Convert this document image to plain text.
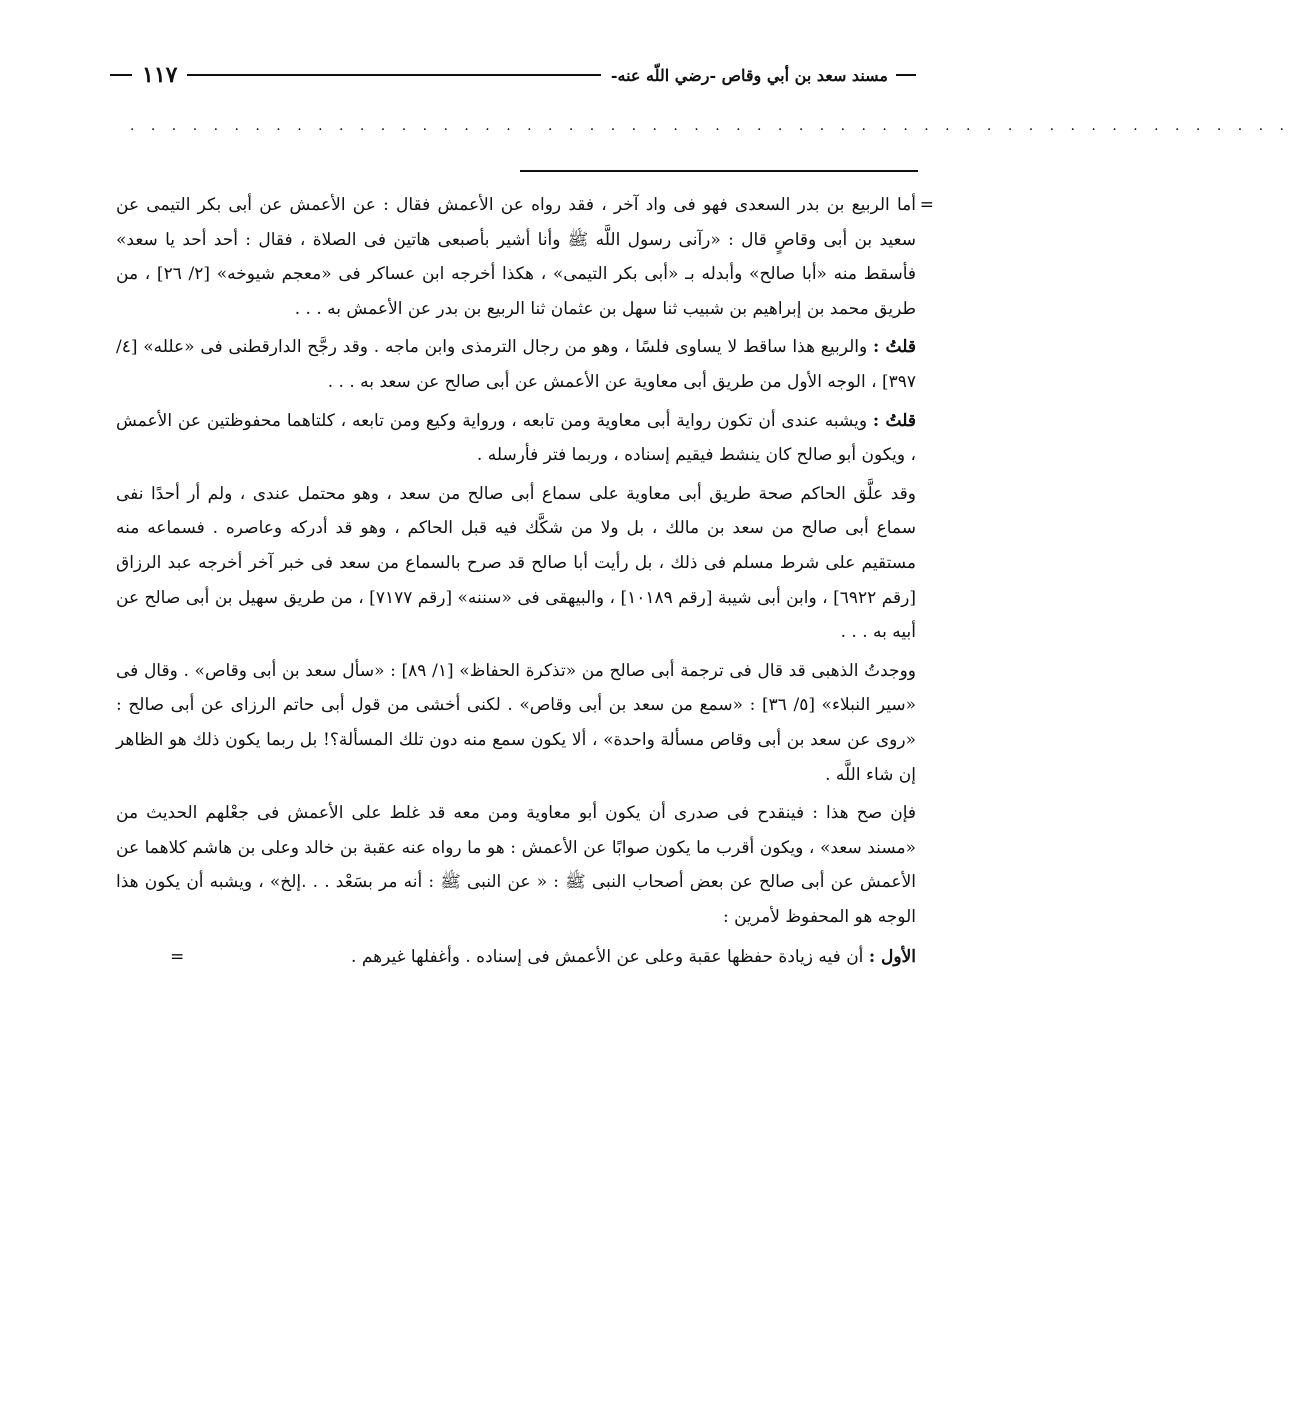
مسند سعد بن أبي وقاص -رضي اللّه عنه-
١١٧
. . . . . . . . . . . . . . . . . . . . . . . . . . . . . . . . . . . . . . . . . . . . . . . . . . . . . . . .

=
أما الربيع بن بدر السعدى فهو فى واد آخر ، فقد رواه عن الأعمش فقال : عن الأعمش عن أبى بكر التيمى عن سعيد بن أبى وقاصٍ قال : «رآنى رسول اللَّه ﷺ وأنا أشير بأصبعى هاتين فى الصلاة ، فقال : أحد أحد يا سعد» فأسقط منه «أبا صالح» وأبدله بـ «أبى بكر التيمى» ، هكذا أخرجه ابن عساكر فى «معجم شيوخه» [٢/ ٢٦] ، من طريق محمد بن إبراهيم بن شبيب ثنا سهل بن عثمان ثنا الربيع بن بدر عن الأعمش به . . .

قلتُ : والربيع هذا ساقط لا يساوى فلسًا ، وهو من رجال الترمذى وابن ماجه . وقد رجَّح الدارقطنى فى «علله» [٤/ ٣٩٧] ، الوجه الأول من طريق أبى معاوية عن الأعمش عن أبى صالح عن سعد به . . .

قلتُ : ويشبه عندى أن تكون رواية أبى معاوية ومن تابعه ، ورواية وكيع ومن تابعه ، كلتاهما محفوظتين عن الأعمش ، ويكون أبو صالح كان ينشط فيقيم إسناده ، وربما فتر فأرسله .

وقد علَّق الحاكم صحة طريق أبى معاوية على سماع أبى صالح من سعد ، وهو محتمل عندى ، ولم أر أحدًا نفى سماع أبى صالح من سعد بن مالك ، بل ولا من شكَّك فيه قبل الحاكم ، وهو قد أدركه وعاصره . فسماعه منه مستقيم على شرط مسلم فى ذلك ، بل رأيت أبا صالح قد صرح بالسماع من سعد فى خبر آخر أخرجه عبد الرزاق [رقم ٦٩٢٢] ، وابن أبى شيبة [رقم ١٠١٨٩] ، والبيهقى فى «سننه» [رقم ٧١٧٧] ، من طريق سهيل بن أبى صالح عن أبيه به . . .

ووجدتُ الذهبى قد قال فى ترجمة أبى صالح من «تذكرة الحفاظ» [١/ ٨٩] : «سأل سعد بن أبى وقاص» . وقال فى «سير النبلاء» [٥/ ٣٦] : «سمع من سعد بن أبى وقاص» . لكنى أخشى من قول أبى حاتم الرزاى عن أبى صالح : «روى عن سعد بن أبى وقاص مسألة واحدة» ، ألا يكون سمع منه دون تلك المسألة؟! بل ربما يكون ذلك هو الظاهر إن شاء اللَّه .

فإن صح هذا : فينقدح فى صدرى أن يكون أبو معاوية ومن معه قد غلط على الأعمش فى جعْلهم الحديث من «مسند سعد» ، ويكون أقرب ما يكون صوابًا عن الأعمش : هو ما رواه عنه عقبة بن خالد وعلى بن هاشم كلاهما عن الأعمش عن أبى صالح عن بعض أصحاب النبى ﷺ : « عن النبى ﷺ : أنه مر بسَعْد . . .إلخ» ، ويشبه أن يكون هذا الوجه هو المحفوظ لأمرين :

الأول : أن فيه زيادة حفظها عقبة وعلى عن الأعمش فى إسناده . وأغفلها غيرهم .
=
